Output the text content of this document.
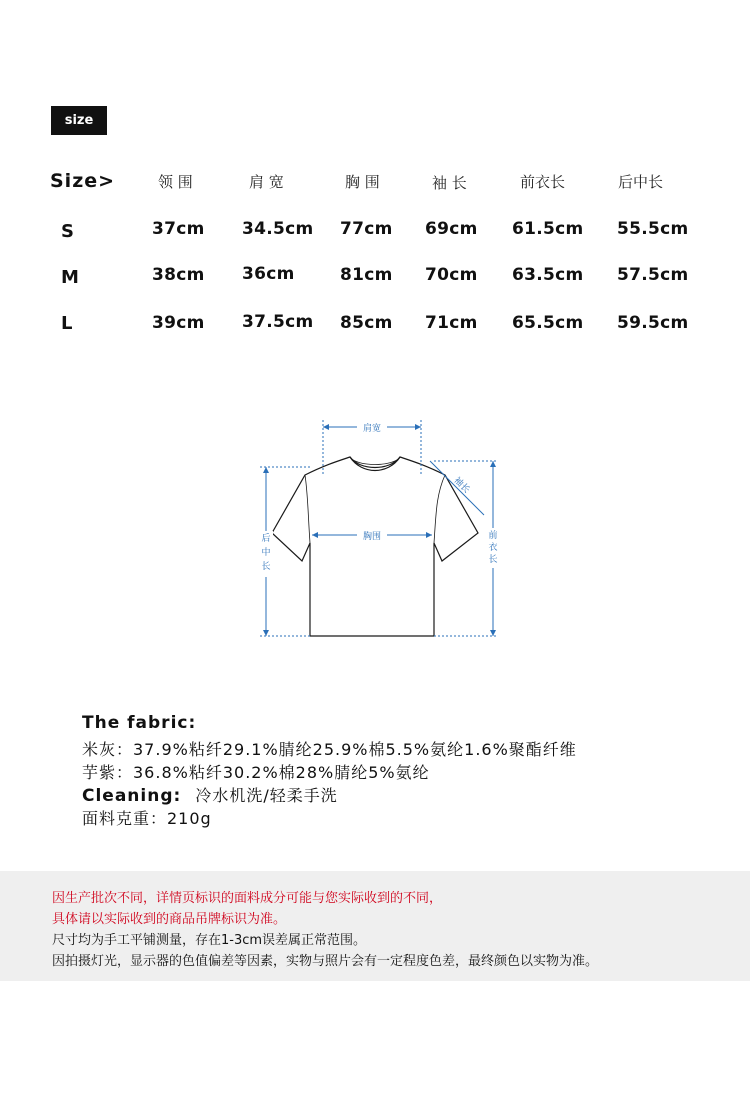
size
Size>	领 围	肩 宽	胸 围	袖 长	前衣长	后中长
S	37cm 34.5cm 77cm 69cm 61.5cm 55.5cm
M	38cm 36cm	81cm 70cm 63.5cm 57.5cm
L	39cm 37.5cm 85cm 71cm 65.5cm 59.5cm
肩宽
胸围
袖长
后
中
长
前
衣
长
The fabric:
米灰：37.9%粘纤29.1%腈纶25.9%棉5.5%氨纶1.6%聚酯纤维
芋紫：36.8%粘纤30.2%棉28%腈纶5%氨纶
Cleaning: 冷水机洗/轻柔手洗
面料克重：210g
因生产批次不同，详情页标识的面料成分可能与您实际收到的不同，
具体请以实际收到的商品吊牌标识为准。
尺寸均为手工平铺测量，存在1-3cm误差属正常范围。
因拍摄灯光，显示器的色值偏差等因素，实物与照片会有一定程度色差，最终颜色以实物为准。
